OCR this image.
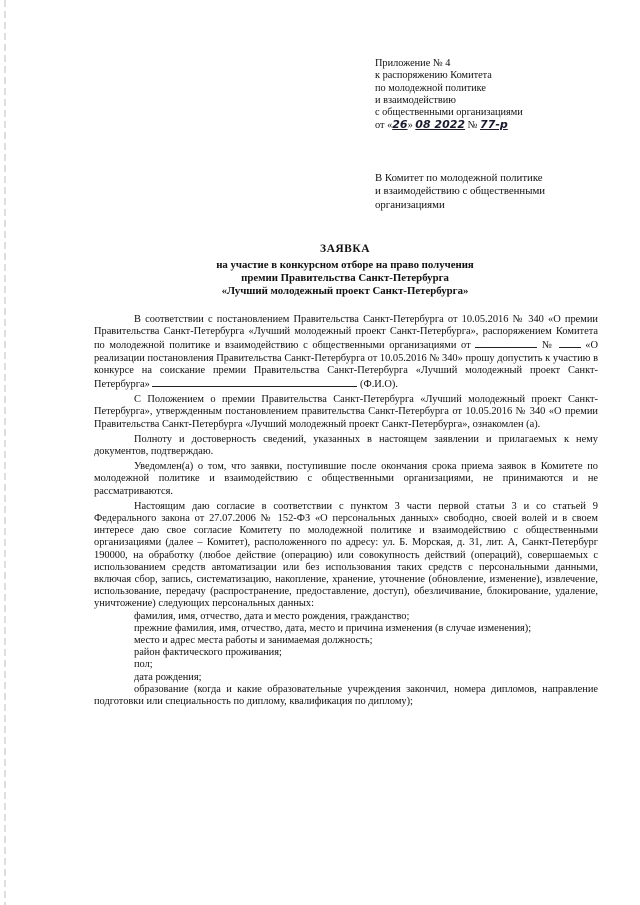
Приложение № 4
к распоряжению Комитета
по молодежной политике
и взаимодействию
с общественными организациями
от «26» 08 2022 № 77-р
В Комитет по молодежной политике
и взаимодействию с общественными
организациями
ЗАЯВКА
на участие в конкурсном отборе на право получения
премии Правительства Санкт-Петербурга
«Лучший молодежный проект Санкт-Петербурга»

В соответствии с постановлением Правительства Санкт-Петербурга от 10.05.2016 № 340 «О премии Правительства Санкт-Петербурга «Лучший молодежный проект Санкт-Петербурга», распоряжением Комитета по молодежной политике и взаимодействию с общественными организациями от	№  «О реализации постановления Правительства Санкт-Петербурга от 10.05.2016 № 340» прошу допустить к участию в конкурсе на соискание премии Правительства Санкт-Петербурга «Лучший молодежный проект Санкт-Петербурга»	(Ф.И.О).

С Положением о премии Правительства Санкт-Петербурга «Лучший молодежный проект Санкт-Петербурга», утвержденным постановлением правительства Санкт-Петербурга от 10.05.2016 № 340 «О премии Правительства Санкт-Петербурга «Лучший молодежный проект Санкт-Петербурга», ознакомлен (а).

Полноту и достоверность сведений, указанных в настоящем заявлении и прилагаемых к нему документов, подтверждаю.

Уведомлен(а) о том, что заявки, поступившие после окончания срока приема заявок в Комитете по молодежной политике и взаимодействию с общественными организациями, не принимаются и не рассматриваются.

Настоящим даю согласие в соответствии с пунктом 3 части первой статьи 3 и со статьей 9 Федерального закона от 27.07.2006 № 152-ФЗ «О персональных данных» свободно, своей волей и в своем интересе даю свое согласие Комитету по молодежной политике и взаимодействию с общественными организациями (далее – Комитет), расположенного по адресу: ул. Б. Морская, д. 31, лит. А, Санкт-Петербург 190000, на обработку (любое действие (операцию) или совокупность действий (операций), совершаемых с использованием средств автоматизации или без использования таких средств с персональными данными, включая сбор, запись, систематизацию, накопление, хранение, уточнение (обновление, изменение), извлечение, использование, передачу (распространение, предоставление, доступ), обезличивание, блокирование, удаление, уничтожение) следующих персональных данных:

фамилия, имя, отчество, дата и место рождения, гражданство;

прежние фамилия, имя, отчество, дата, место и причина изменения (в случае изменения);

место и адрес места работы и занимаемая должность;

район фактического проживания;

пол;

дата рождения;

образование (когда и какие образовательные учреждения закончил, номера дипломов, направление подготовки или специальность по диплому, квалификация по диплому);
